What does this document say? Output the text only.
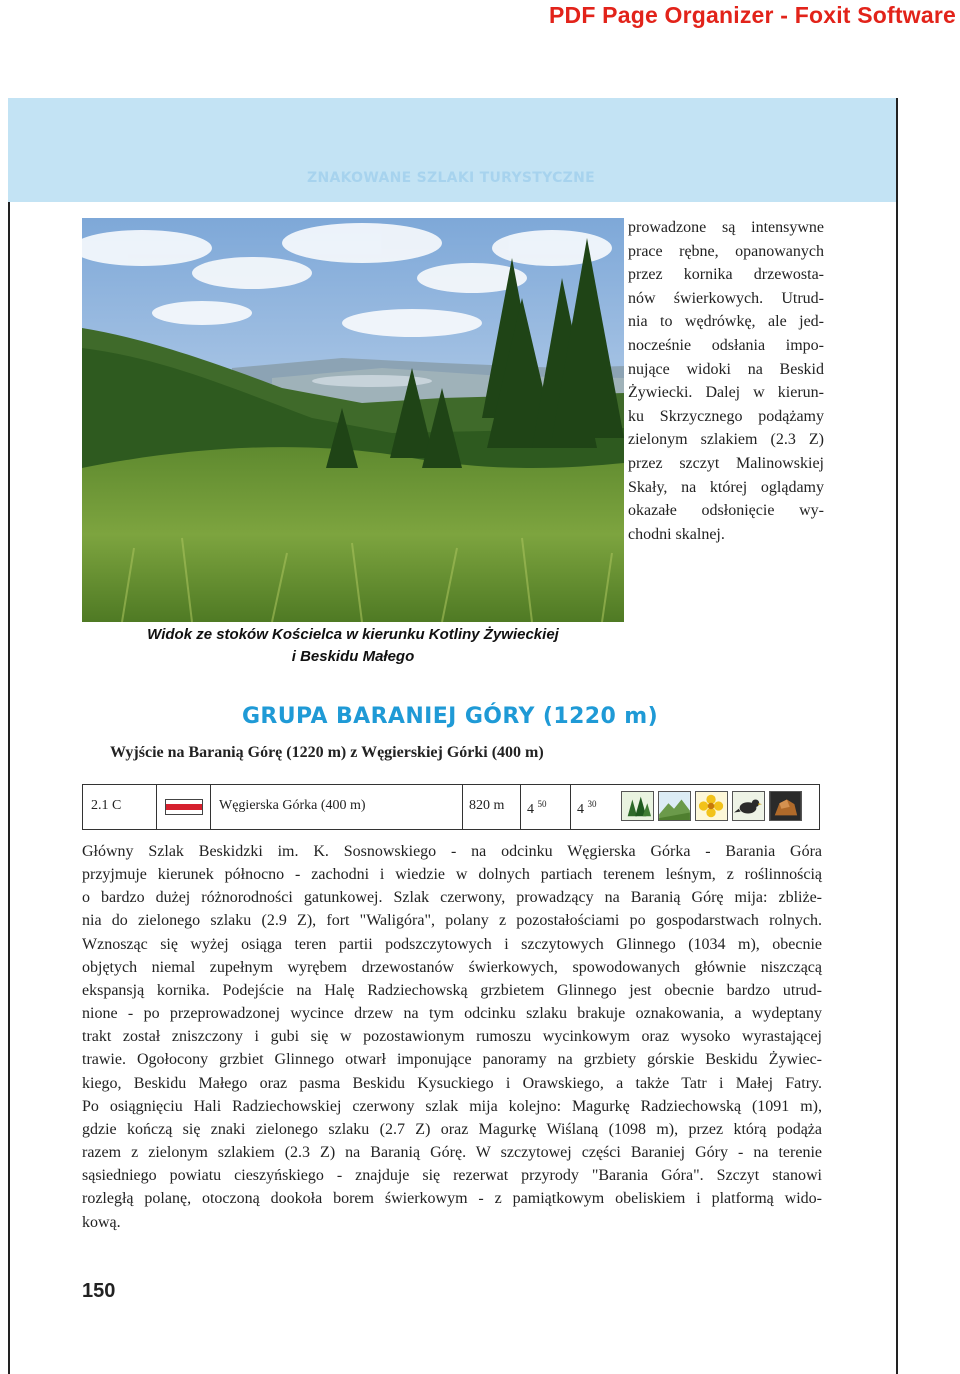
PDF Page Organizer - Foxit Software
ZNAKOWANE SZLAKI TURYSTYCZNE
prowadzone są intensywne
prace rębne, opanowanych
przez kornika drzewosta-
nów świerkowych. Utrud-
nia to wędrówkę, ale jed-
nocześnie odsłania impo-
nujące widoki na Beskid
Żywiecki. Dalej w kierun-
ku Skrzycznego podążamy
zielonym szlakiem (2.3 Z)
przez szczyt Malinowskiej
Skały, na której oglądamy
okazałe odsłonięcie wy-
chodni skalnej.
Widok ze stoków Kościelca w kierunku Kotliny Żywieckiej
i Beskidu Małego
GRUPA BARANIEJ GÓRY (1220 m)
Wyjście na Baranią Górę (1220 m) z Węgierskiej Górki (400 m)
2.1 C	Węgierska Górka (400 m)	820 m 4 $^{50}$ 4 $^{30}$
Główny Szlak Beskidzki im. K. Sosnowskiego - na odcinku Węgierska Górka - Barania Góra
przyjmuje kierunek północno - zachodni i wiedzie w dolnych partiach terenem leśnym, z roślinnością
o bardzo dużej różnorodności gatunkowej. Szlak czerwony, prowadzący na Baranią Górę mija: zbliże-
nia do zielonego szlaku (2.9 Z), fort "Waligóra", polany z pozostałościami po gospodarstwach rolnych.
Wznosząc się wyżej osiąga teren partii podszczytowych i szczytowych Glinnego (1034 m), obecnie
objętych niemal zupełnym wyrębem drzewostanów świerkowych, spowodowanych głównie niszczącą
ekspansją kornika. Podejście na Halę Radziechowską grzbietem Glinnego jest obecnie bardzo utrud-
nione - po przeprowadzonej wycince drzew na tym odcinku szlaku brakuje oznakowania, a wydeptany
trakt został zniszczony i gubi się w pozostawionym rumoszu wycinkowym oraz wysoko wyrastającej
trawie. Ogołocony grzbiet Glinnego otwarł imponujące panoramy na grzbiety górskie Beskidu Żywiec-
kiego, Beskidu Małego oraz pasma Beskidu Kysuckiego i Orawskiego, a także Tatr i Małej Fatry.
Po osiągnięciu Hali Radziechowskiej czerwony szlak mija kolejno: Magurkę Radziechowską (1091 m),
gdzie kończą się znaki zielonego szlaku (2.7 Z) oraz Magurkę Wiślaną (1098 m), przez którą podąża
razem z zielonym szlakiem (2.3 Z) na Baranią Górę. W szczytowej części Baraniej Góry - na terenie
sąsiedniego powiatu cieszyńskiego - znajduje się rezerwat przyrody "Barania Góra". Szczyt stanowi
rozległą polanę, otoczoną dookoła borem świerkowym - z pamiątkowym obeliskiem i platformą wido-
kową.
150
